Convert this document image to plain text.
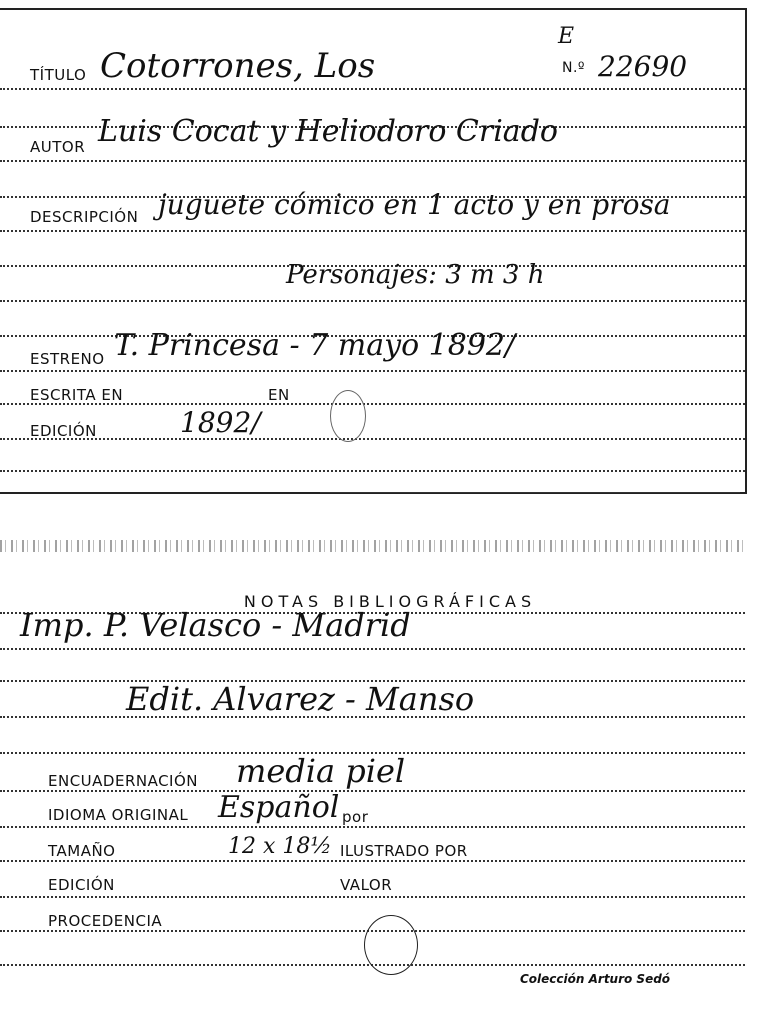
TÍTULO Cotorrones, Los
E
N.º 22690
AUTOR Luis Cocat y Heliodoro Criado
DESCRIPCIÓN juguete cómico en 1 acto y en prosa
Personajes: 3 m 3 h
ESTRENO T. Princesa - 7 mayo 1892/
ESCRITA EN	EN
EDICIÓN	1892/
NOTAS BIBLIOGRÁFICAS
Imp. P. Velasco - Madrid
Edit. Alvarez - Manso
ENCUADERNACIÓN media piel
IDIOMA ORIGINAL Español por
TAMAÑO	12 x 18½ ILUSTRADO POR
EDICIÓN	VALOR
PROCEDENCIA
Colección Arturo Sedó
